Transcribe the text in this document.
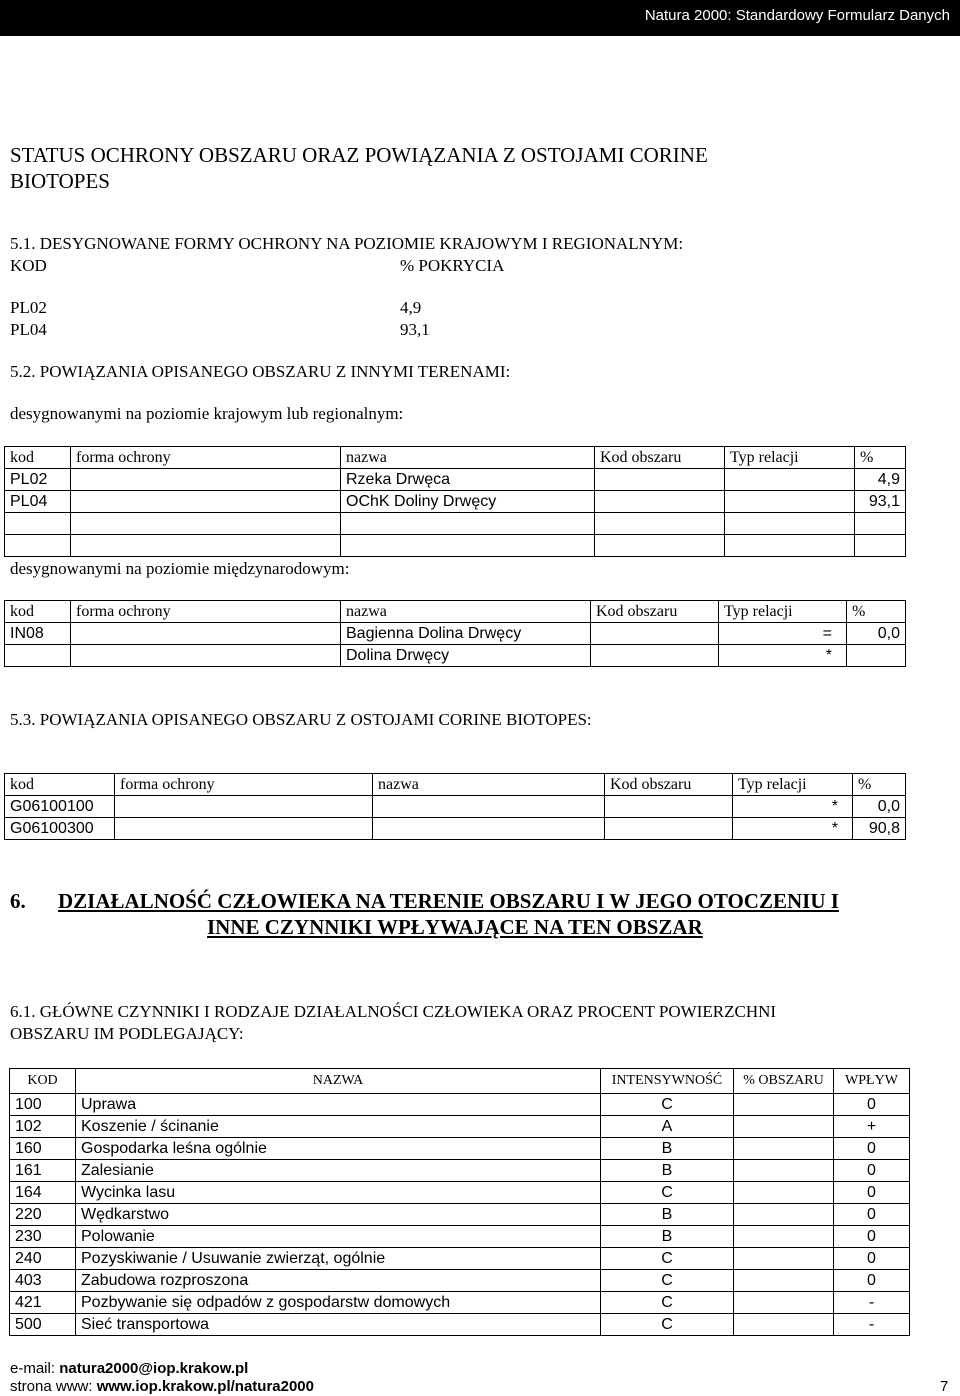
Natura 2000: Standardowy Formularz Danych
STATUS OCHRONY OBSZARU ORAZ POWIĄZANIA Z OSTOJAMI CORINE
BIOTOPES
5.1. DESYGNOWANE FORMY OCHRONY NA POZIOMIE KRAJOWYM I REGIONALNYM:
KOD	% POKRYCIA
PL02	4,9
PL04	93,1
5.2. POWIĄZANIA OPISANEGO OBSZARU Z INNYMI TERENAMI:
desygnowanymi na poziomie krajowym lub regionalnym:
kod	forma ochrony	nazwa	Kod obszaru	Typ relacji	%
PL02		Rzeka Drwęca			4,9
PL04		OChK Doliny Drwęcy			93,1

desygnowanymi na poziomie międzynarodowym:
kod	forma ochrony	nazwa	Kod obszaru	Typ relacji	%
IN08		Bagienna Dolina Drwęcy		=	0,0
		Dolina Drwęcy		*	
5.3. POWIĄZANIA OPISANEGO OBSZARU Z OSTOJAMI CORINE BIOTOPES:
kod	forma ochrony	nazwa	Kod obszaru	Typ relacji	%
G06100100				*	0,0
G06100300				*	90,8
6. DZIAŁALNOŚĆ CZŁOWIEKA NA TERENIE OBSZARU I W JEGO OTOCZENIU I
INNE CZYNNIKI WPŁYWAJĄCE NA TEN OBSZAR
6.1. GŁÓWNE CZYNNIKI I RODZAJE DZIAŁALNOŚCI CZŁOWIEKA ORAZ PROCENT POWIERZCHNI
OBSZARU IM PODLEGAJĄCY:
KOD	NAZWA	INTENSYWNOŚĆ	% OBSZARU	WPŁYW
100	Uprawa	C		0
102	Koszenie / ścinanie	A		+
160	Gospodarka leśna ogólnie	B		0
161	Zalesianie	B		0
164	Wycinka lasu	C		0
220	Wędkarstwo	B		0
230	Polowanie	B		0
240	Pozyskiwanie / Usuwanie zwierząt, ogólnie	C		0
403	Zabudowa rozproszona	C		0
421	Pozbywanie się odpadów z gospodarstw domowych	C		-
500	Sieć transportowa	C		-
e-mail: natura2000@iop.krakow.pl
strona www: www.iop.krakow.pl/natura2000	7
